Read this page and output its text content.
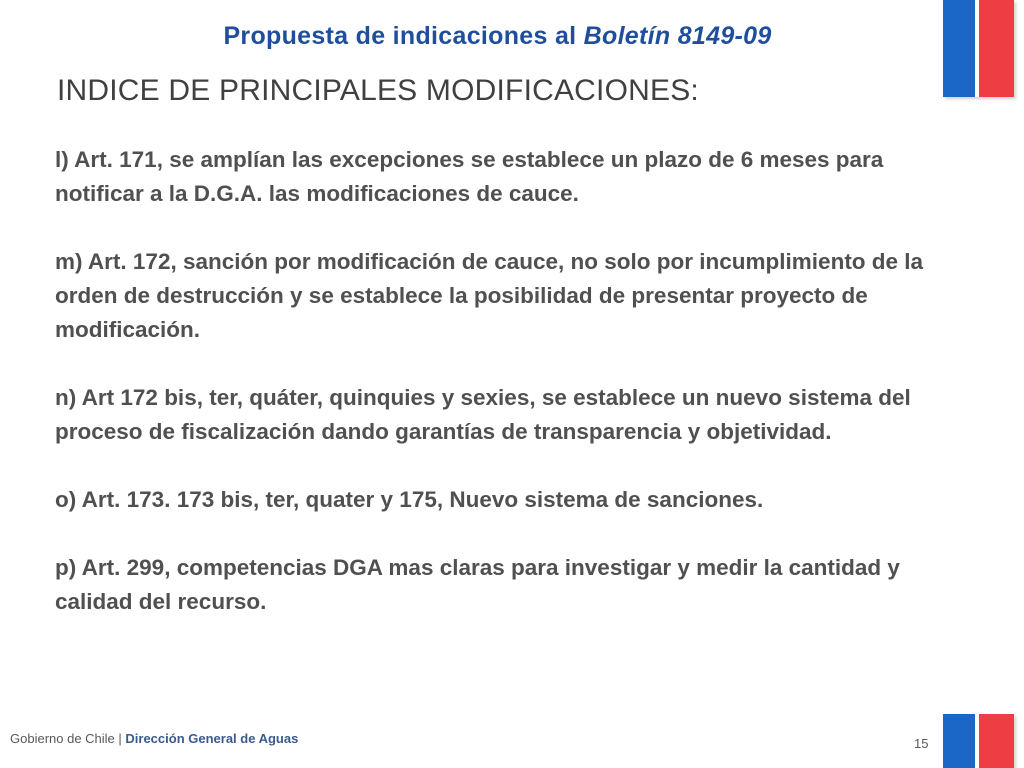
Propuesta de indicaciones al Boletín 8149-09
INDICE DE PRINCIPALES MODIFICACIONES:

l) Art. 171, se amplían las excepciones se establece un plazo de 6 meses para notificar a la D.G.A. las modificaciones de cauce.

m) Art. 172, sanción por modificación de cauce, no solo por incumplimiento de la orden de destrucción y se establece la posibilidad de presentar proyecto de modificación.

n) Art 172 bis, ter, quáter, quinquies y sexies, se establece un nuevo sistema del proceso de fiscalización dando garantías de transparencia y objetividad.

o) Art. 173. 173 bis, ter, quater y 175, Nuevo sistema de sanciones.

p) Art. 299, competencias DGA mas claras para investigar y medir la cantidad y calidad del recurso.

Gobierno de Chile | Dirección General de Aguas	15
